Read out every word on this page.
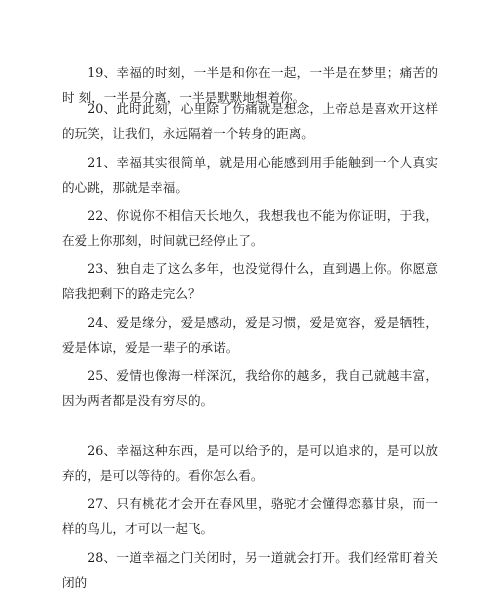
19、幸福的时刻，一半是和你在一起，一半是在梦里；痛苦的时 刻，一半是分离，一半是默默地想着你。

20、此时此刻，心里除了伤痛就是想念，上帝总是喜欢开这样 的玩笑，让我们，永远隔着一个转身的距离。

21、幸福其实很简单，就是用心能感到用手能触到一个人真实 的心跳，那就是幸福。

22、你说你不相信天长地久，我想我也不能为你证明，于我， 在爱上你那刻，时间就已经停止了。

23、独自走了这么多年，也没觉得什么，直到遇上你。你愿意 陪我把剩下的路走完么？

24、爱是缘分，爱是感动，爱是习惯，爱是宽容，爱是牺牲， 爱是体谅，爱是一辈子的承诺。

25、爱情也像海一样深沉，我给你的越多，我自己就越丰富， 因为两者都是没有穷尽的。

26、幸福这种东西，是可以给予的，是可以追求的，是可以放 弃的，是可以等待的。看你怎么看。

27、只有桃花才会开在春风里，骆驼才会懂得恋慕甘泉，而一 样的鸟儿，才可以一起飞。

28、一道幸福之门关闭时，另一道就会打开。我们经常盯着关 闭的
